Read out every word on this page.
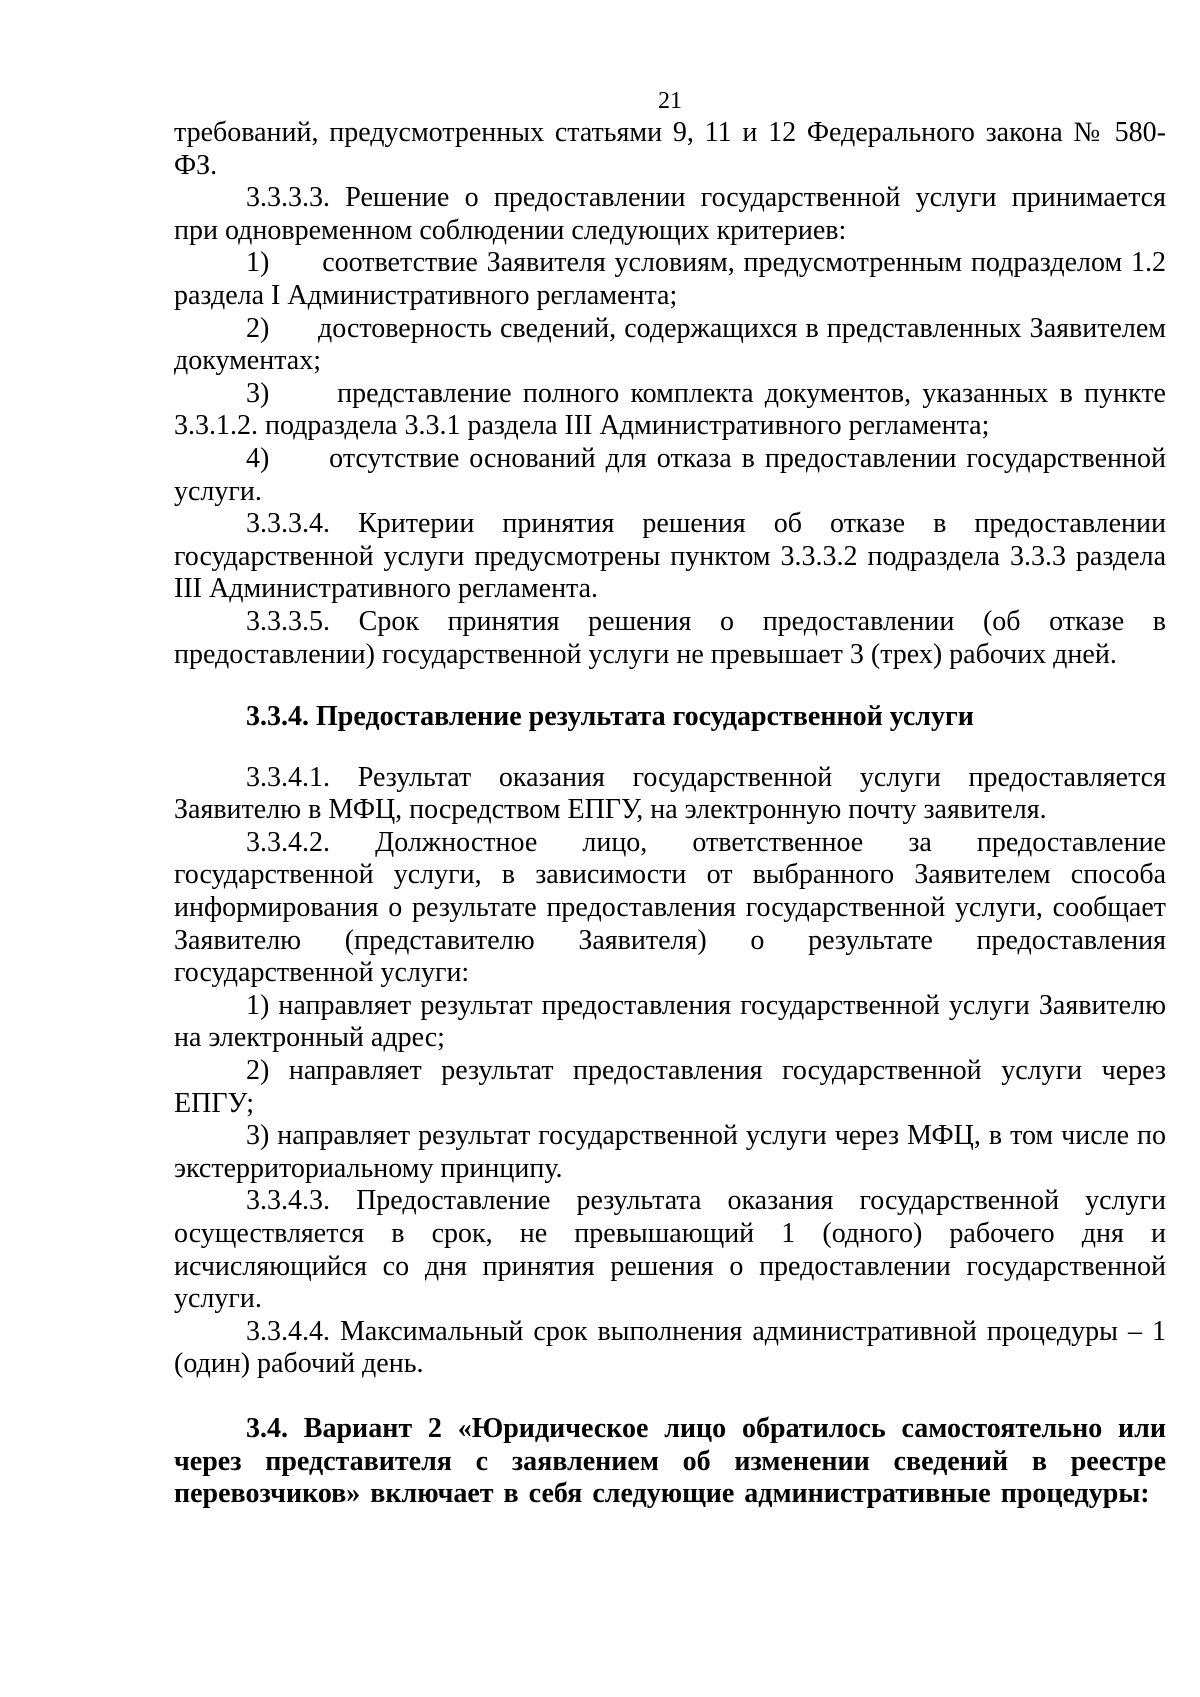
21

требований, предусмотренных статьями 9, 11 и 12 Федерального закона № 580-ФЗ.

3.3.3.3. Решение о предоставлении государственной услуги принимается при одновременном соблюдении следующих критериев:

1)      соответствие Заявителя условиям, предусмотренным подразделом 1.2 раздела I Административного регламента;

2)      достоверность сведений, содержащихся в представленных Заявителем документах;

3)      представление полного комплекта документов, указанных в пункте 3.3.1.2. подраздела 3.3.1 раздела III Административного регламента;

4)      отсутствие оснований для отказа в предоставлении государственной услуги.

3.3.3.4. Критерии принятия решения об отказе в предоставлении государственной услуги предусмотрены пунктом 3.3.3.2 подраздела 3.3.3 раздела III Административного регламента.

3.3.3.5. Срок принятия решения о предоставлении (об отказе в предоставлении) государственной услуги не превышает 3 (трех) рабочих дней.

3.3.4. Предоставление результата государственной услуги

3.3.4.1. Результат оказания государственной услуги предоставляется Заявителю в МФЦ, посредством ЕПГУ, на электронную почту заявителя.

3.3.4.2. Должностное лицо, ответственное за предоставление государственной услуги, в зависимости от выбранного Заявителем способа информирования о результате предоставления государственной услуги, сообщает Заявителю (представителю Заявителя) о результате предоставления государственной услуги:

1) направляет результат предоставления государственной услуги Заявителю на электронный адрес;

2) направляет результат предоставления государственной услуги через ЕПГУ;

3) направляет результат государственной услуги через МФЦ, в том числе по экстерриториальному принципу.

3.3.4.3. Предоставление результата оказания государственной услуги осуществляется в срок, не превышающий 1 (одного) рабочего дня и исчисляющийся со дня принятия решения о предоставлении государственной услуги.

3.3.4.4. Максимальный срок выполнения административной процедуры – 1 (один) рабочий день.

3.4. Вариант 2 «Юридическое лицо обратилось самостоятельно или через представителя с заявлением об изменении сведений в реестре перевозчиков» включает в себя следующие административные процедуры:
